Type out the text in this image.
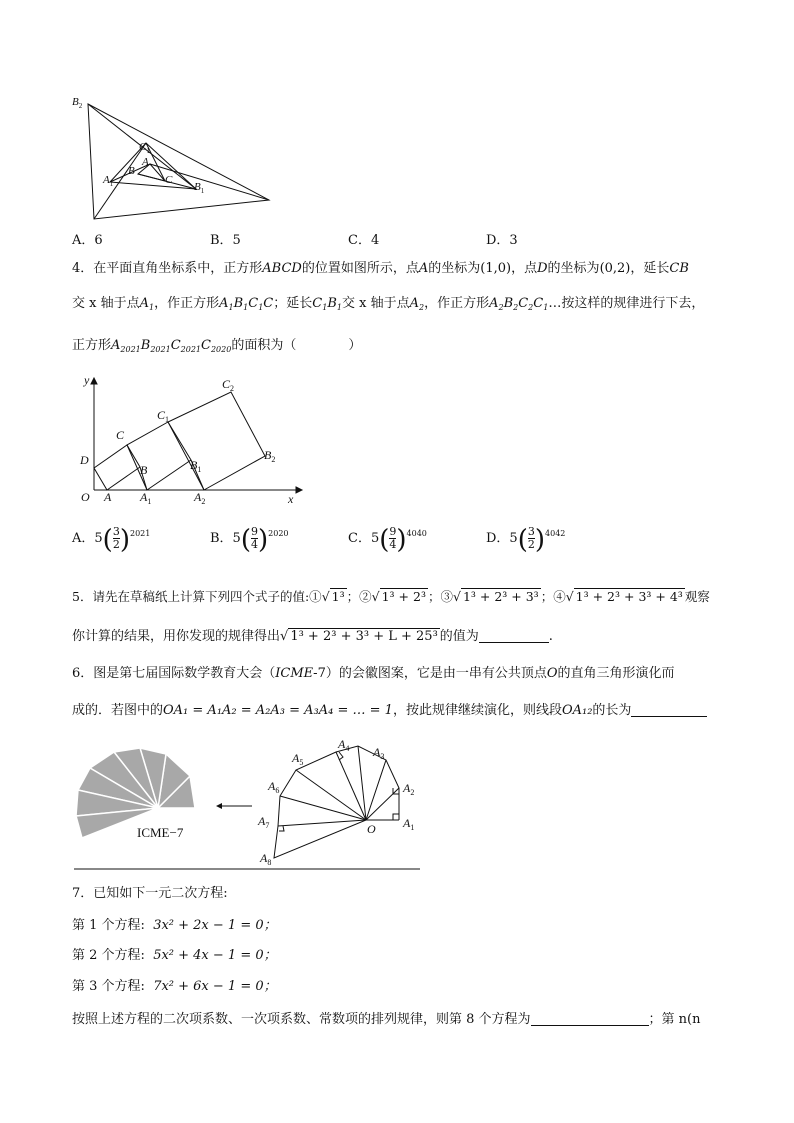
$B_2$
$C_1$
A
$A_1$
B
C
$B_1$
A．6	B．5	C．4	D．3
4．在平面直角坐标系中，正方形ABCD的位置如图所示，点A的坐标为(1,0)，点D的坐标为(0,2)，延长CB
交 x 轴于点$A_1$，作正方形$A_1B_1C_1C$；延长$C_1B_1$交 x 轴于点$A_2$，作正方形$A_2B_2C_2C_1\dots$按这样的规律进行下去，
正方形$A_{2021}B_{2021}C_{2021}C_{2020}$的面积为（　　　　）
y
x
O A $A_1$	$A_2$
B	$B_1$
$B_2$
C
$C_1$
$C_2$
D
A．$5( \frac{3}{2} )^{2021}$	B．$5( \frac{9}{4} )^{2020}$	C．$5( \frac{9}{4} )^{4040}$	D．$5( \frac{3}{2} )^{4042}$
5．请先在草稿纸上计算下列四个式子的值:①√ 1³ ；②√ 1³ + 2³ ；③√ 1³ + 2³ + 3³ ；④√ 1³ + 2³ + 3³ + 4³ 观察
你计算的结果，用你发现的规律得出√ 1³ + 2³ + 3³ + L + 25³ 的值为	.
6．图是第七届国际数学教育大会（ICME-7）的会徽图案，它是由一串有公共顶点O的直角三角形演化而
成的．若图中的OA₁ = A₁A₂ = A₂A₃ = A₃A₄ = … = 1，按此规律继续演化，则线段OA₁₂的长为
ICME−7	O $A_1$
$A_2$
$A_3$
$A_4$
$A_5$
$A_6$
$A_7$
$A_8$
7．已知如下一元二次方程:
第 1 个方程: 3x² + 2x − 1 = 0；
第 2 个方程: 5x² + 4x − 1 = 0；
第 3 个方程: 7x² + 6x − 1 = 0；
按照上述方程的二次项系数、一次项系数、常数项的排列规律，则第 8 个方程为	；第 n(n
